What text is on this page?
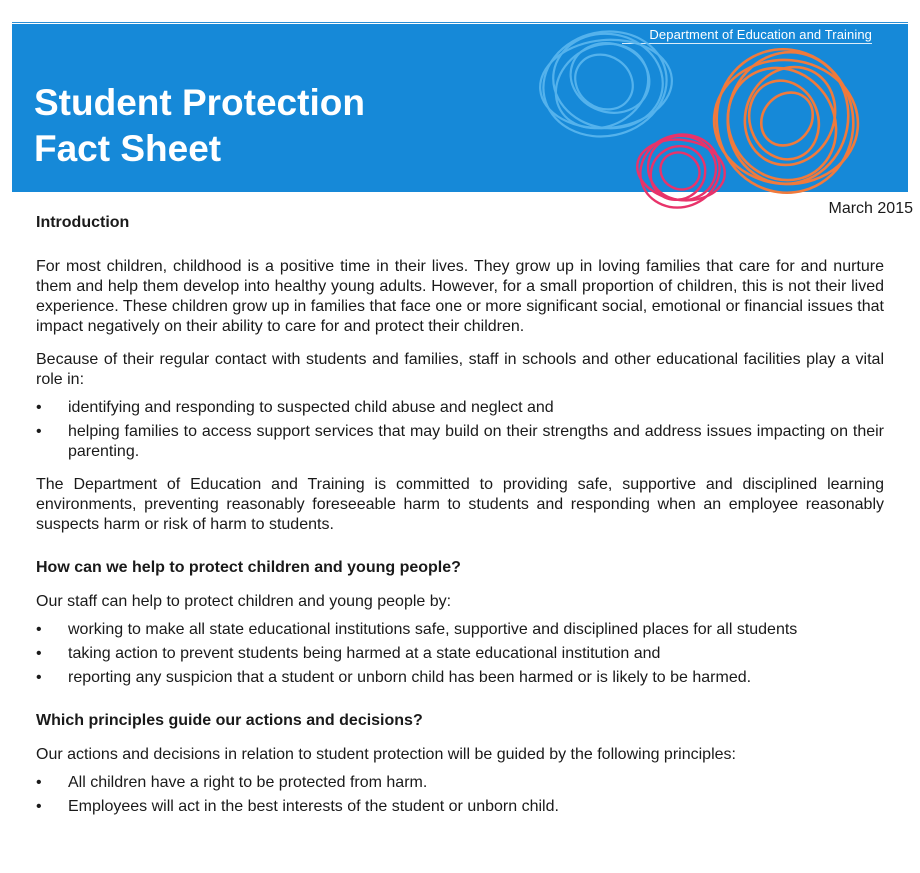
Department of Education and Training
Student Protection
Fact Sheet
March 2015
Introduction

For most children, childhood is a positive time in their lives. They grow up in loving families that care for and nurture them and help them develop into healthy young adults. However, for a small proportion of children, this is not their lived experience. These children grow up in families that face one or more significant social, emotional or financial issues that impact negatively on their ability to care for and protect their children.

Because of their regular contact with students and families, staff in schools and other educational facilities play a vital role in:

• identifying and responding to suspected child abuse and neglect and
• helping families to access support services that may build on their strengths and address issues impacting on their parenting.

The Department of Education and Training is committed to providing safe, supportive and disciplined learning environments, preventing reasonably foreseeable harm to students and responding when an employee reasonably suspects harm or risk of harm to students.

How can we help to protect children and young people?

Our staff can help to protect children and young people by:

• working to make all state educational institutions safe, supportive and disciplined places for all students
• taking action to prevent students being harmed at a state educational institution and
• reporting any suspicion that a student or unborn child has been harmed or is likely to be harmed.
Which principles guide our actions and decisions?

Our actions and decisions in relation to student protection will be guided by the following principles:

• All children have a right to be protected from harm.
• Employees will act in the best interests of the student or unborn child.
